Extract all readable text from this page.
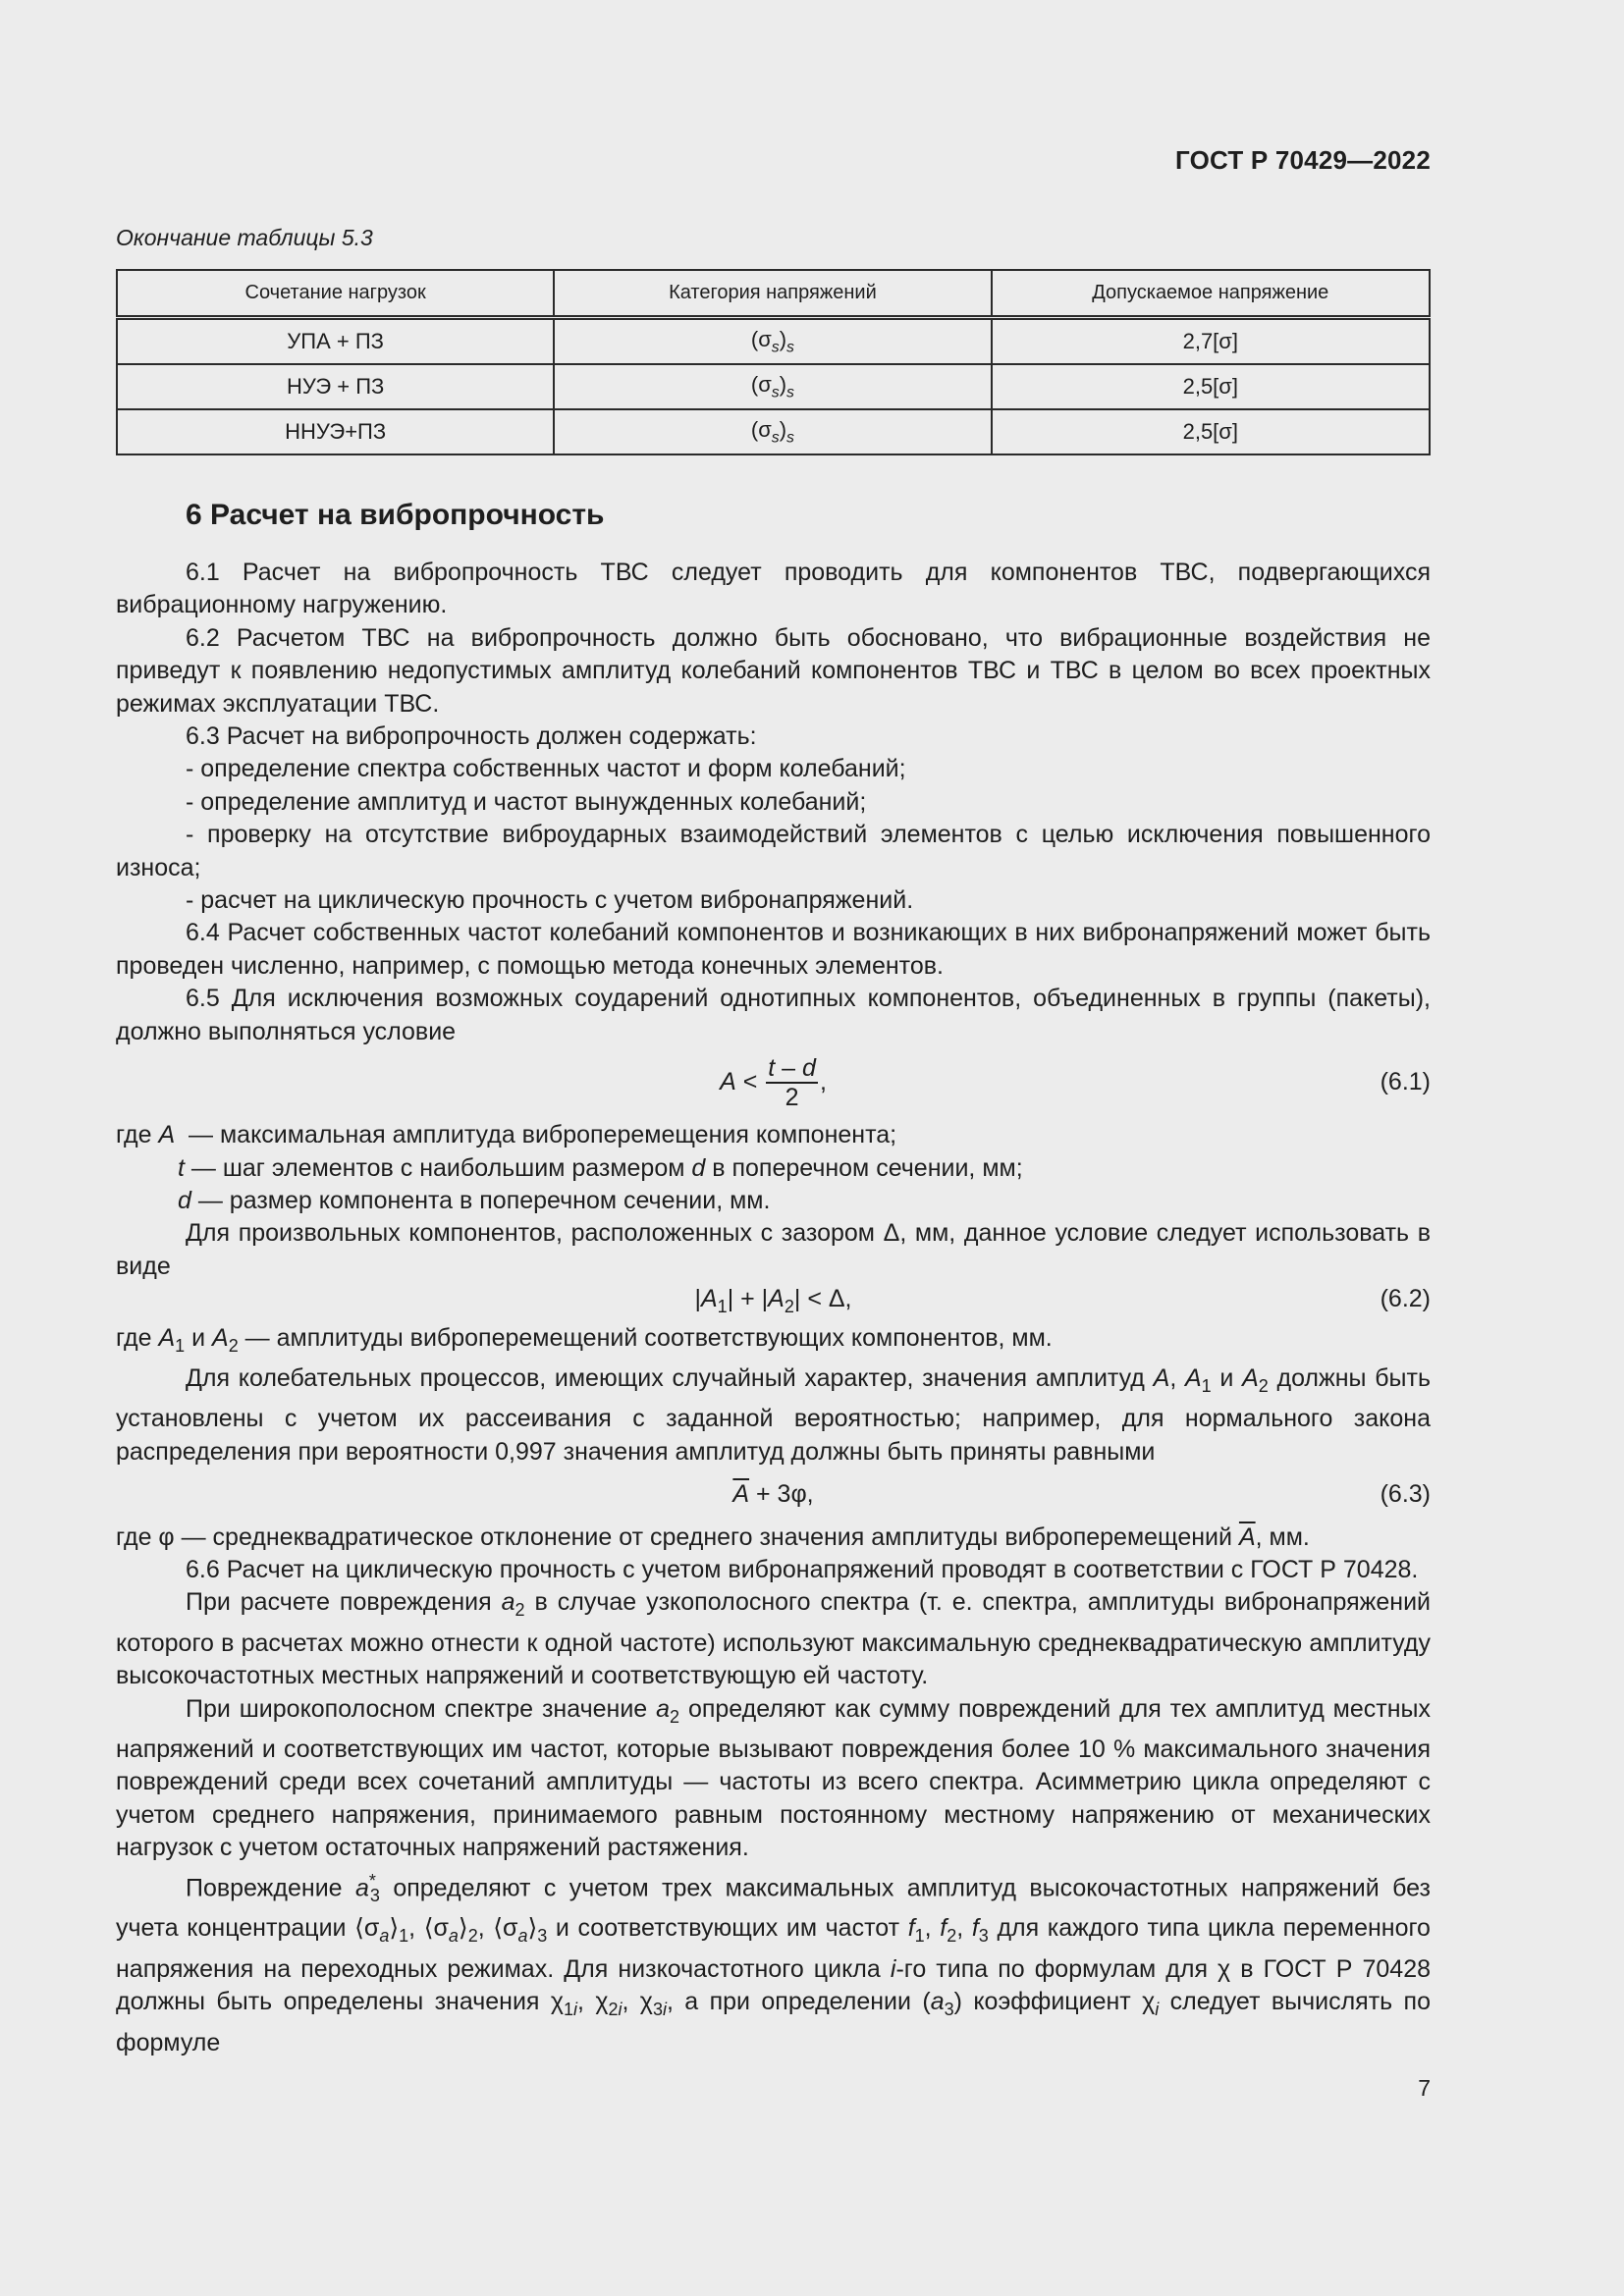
ГОСТ Р 70429—2022
Окончание таблицы 5.3
Сочетание нагрузок	Категория напряжений	Допускаемое напряжение
УПА + ПЗ	$(\sigma_s)_s$	2,7[σ]
НУЭ + ПЗ	$(\sigma_s)_s$	2,5[σ]
ННУЭ+ПЗ	$(\sigma_s)_s$	2,5[σ]
6 Расчет на вибропрочность

6.1 Расчет на вибропрочность ТВС следует проводить для компонентов ТВС, подвергающихся вибрационному нагружению.

6.2 Расчетом ТВС на вибропрочность должно быть обосновано, что вибрационные воздействия не приведут к появлению недопустимых амплитуд колебаний компонентов ТВС и ТВС в целом во всех проектных режимах эксплуатации ТВС.

6.3 Расчет на вибропрочность должен содержать:

- определение спектра собственных частот и форм колебаний;

- определение амплитуд и частот вынужденных колебаний;

- проверку на отсутствие виброударных взаимодействий элементов с целью исключения повышенного износа;

- расчет на циклическую прочность с учетом вибронапряжений.

6.4 Расчет собственных частот колебаний компонентов и возникающих в них вибронапряжений может быть проведен численно, например, с помощью метода конечных элементов.

6.5 Для исключения возможных соударений однотипных компонентов, объединенных в группы (пакеты), должно выполняться условие

$A < \frac{t - d}{2}$ ,	(6.1)

где A — максимальная амплитуда виброперемещения компонента;

t — шаг элементов с наибольшим размером d в поперечном сечении, мм;

d — размер компонента в поперечном сечении, мм.

Для произвольных компонентов, расположенных с зазором Δ, мм, данное условие следует использовать в виде

$|A_1| + |A_2| < \Delta$,	(6.2)

где $A_1$ и $A_2$ — амплитуды виброперемещений соответствующих компонентов, мм.

Для колебательных процессов, имеющих случайный характер, значения амплитуд A, $A_1$ и $A_2$ должны быть установлены с учетом их рассеивания с заданной вероятностью; например, для нормального закона распределения при вероятности 0,997 значения амплитуд должны быть приняты равными

$\overline{A} + 3\varphi$,	(6.3)

где φ — среднеквадратическое отклонение от среднего значения амплитуды виброперемещений $\overline{A}$, мм.

6.6 Расчет на циклическую прочность с учетом вибронапряжений проводят в соответствии с ГОСТ Р 70428.

При расчете повреждения $a_2$ в случае узкополосного спектра (т. е. спектра, амплитуды вибронапряжений которого в расчетах можно отнести к одной частоте) используют максимальную среднеквадратическую амплитуду высокочастотных местных напряжений и соответствующую ей частоту.

При широкополосном спектре значение $a_2$ определяют как сумму повреждений для тех амплитуд местных напряжений и соответствующих им частот, которые вызывают повреждения более 10 % максимального значения повреждений среди всех сочетаний амплитуды — частоты из всего спектра. Асимметрию цикла определяют с учетом среднего напряжения, принимаемого равным постоянному местному напряжению от механических нагрузок с учетом остаточных напряжений растяжения.

Повреждение $a^*_3$ определяют с учетом трех максимальных амплитуд высокочастотных напряжений без учета концентрации $⟨\sigma_a⟩_1$, $⟨\sigma_a⟩_2$, $⟨\sigma_a⟩_3$ и соответствующих им частот $f_1$, $f_2$, $f_3$ для каждого типа цикла переменного напряжения на переходных режимах. Для низкочастотного цикла i-го типа по формулам для χ в ГОСТ Р 70428 должны быть определены значения $\chi_{1i}$, $\chi_{2i}$, $\chi_{3i}$, а при определении $(a_3)$ коэффициент $\chi_i$ следует вычислять по формуле

7
